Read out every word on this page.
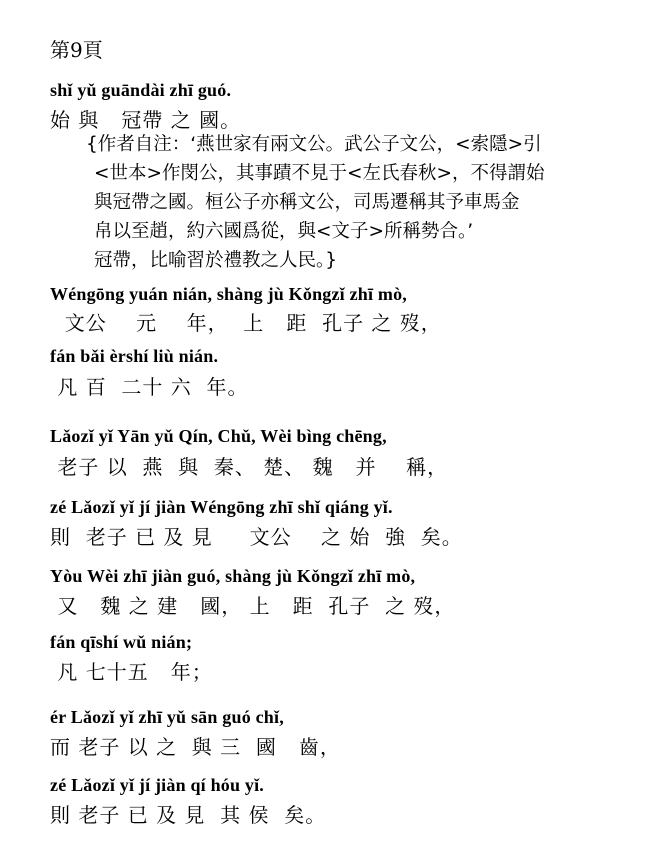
第9頁
shǐ yǔ guāndài zhī guó.
始 與   冠帶 之 國。
{作者自注：‘燕世家有兩文公。武公子文公，<索隱>引
<世本>作閔公，其事蹟不見于<左氏春秋>，不得謂始
與冠帶之國。桓公子亦稱文公，司馬遷稱其予車馬金
帛以至趙，約六國爲從，與<文子>所稱勢合。’
冠帶，比喻習於禮教之人民。}
Wéngōng yuán nián, shàng jù Kǒngzǐ zhī mò,
文公    元    年，  上   距  孔子 之 歿，
fán bǎi èrshí liù nián.
凡 百  二十 六  年。
Lǎozǐ yǐ Yān yǔ Qín, Chǔ, Wèi bìng chēng,
老子 以  燕  與  秦、 楚、 魏   并    稱，
zé Lǎozǐ yǐ jí jiàn Wéngōng zhī shǐ qiáng yǐ.
則  老子 已 及 見     文公    之 始  強  矣。
Yòu Wèi zhī jiàn guó, shàng jù Kǒngzǐ zhī mò,
又   魏 之 建   國， 上   距  孔子  之 歿，
fán qīshí wǔ nián;
凡 七十五   年；
ér Lǎozǐ yǐ zhī yǔ sān guó chǐ,
而 老子 以 之  與 三  國   齒，
zé Lǎozǐ yǐ jí jiàn qí hóu yǐ.
則 老子 已 及 見  其 侯  矣。
